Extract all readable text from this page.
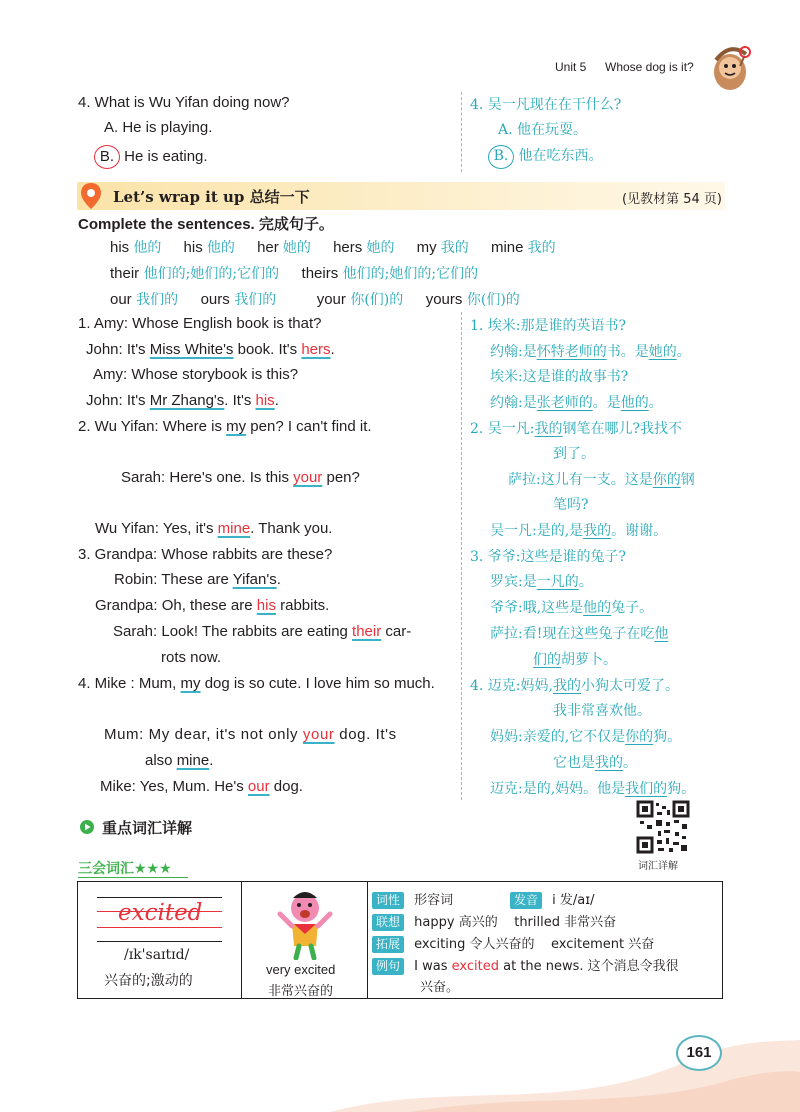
Unit 5 Whose dog is it?
4. What is Wu Yifan doing now?
A. He is playing.
B. He is eating.
4. 吴一凡现在在干什么?
A. 他在玩耍。
B. 他在吃东西。
Let’s wrap it up 总结一下	(见教材第 54 页)
Complete the sentences. 完成句子。
his 他的 his 他的 her 她的 hers 她的 my 我的 mine 我的
their 他们的;她们的;它们的 theirs 他们的;她们的;它们的
our 我们的 ours 我们的	your 你(们)的 yours 你(们)的
1. Amy: Whose English book is that?
John: It's Miss White's book. It's hers.
Amy: Whose storybook is this?
John: It's Mr Zhang's. It's his.
1. 埃米:那是谁的英语书?
约翰:是怀特老师的书。是她的。
埃米:这是谁的故事书?
约翰:是张老师的。是他的。
2. Wu Yifan: Where is my pen? I can't find it.
Sarah: Here's one. Is this your pen?
Wu Yifan: Yes, it's mine. Thank you.
2. 吴一凡:我的钢笔在哪儿?我找不
到了。
萨拉:这儿有一支。这是你的钢
笔吗?
吴一凡:是的,是我的。谢谢。
3. Grandpa: Whose rabbits are these?
Robin: These are Yifan's.
Grandpa: Oh, these are his rabbits.
Sarah: Look! The rabbits are eating their car-
rots now.
3. 爷爷:这些是谁的兔子?
罗宾:是一凡的。
爷爷:哦,这些是他的兔子。
萨拉:看!现在这些兔子在吃他
们的胡萝卜。
4. Mike : Mum, my dog is so cute. I love him so much.
Mum: My dear, it's not only your dog. It's
also mine.
Mike: Yes, Mum. He's our dog.
4. 迈克:妈妈,我的小狗太可爱了。
我非常喜欢他。
妈妈:亲爱的,它不仅是你的狗。
它也是我的。
迈克:是的,妈妈。他是我们的狗。
重点词汇详解
词汇详解
三会词汇★★★
excited
/ɪk'saɪtɪd/
兴奋的;激动的
very excited
非常兴奋的
词性 形容词	发音 i 发/aɪ/
联想 happy 高兴的    thrilled 非常兴奋
拓展 exciting 令人兴奋的    excitement 兴奋
例句 I was excited at the news. 这个消息令我很
兴奋。
161
